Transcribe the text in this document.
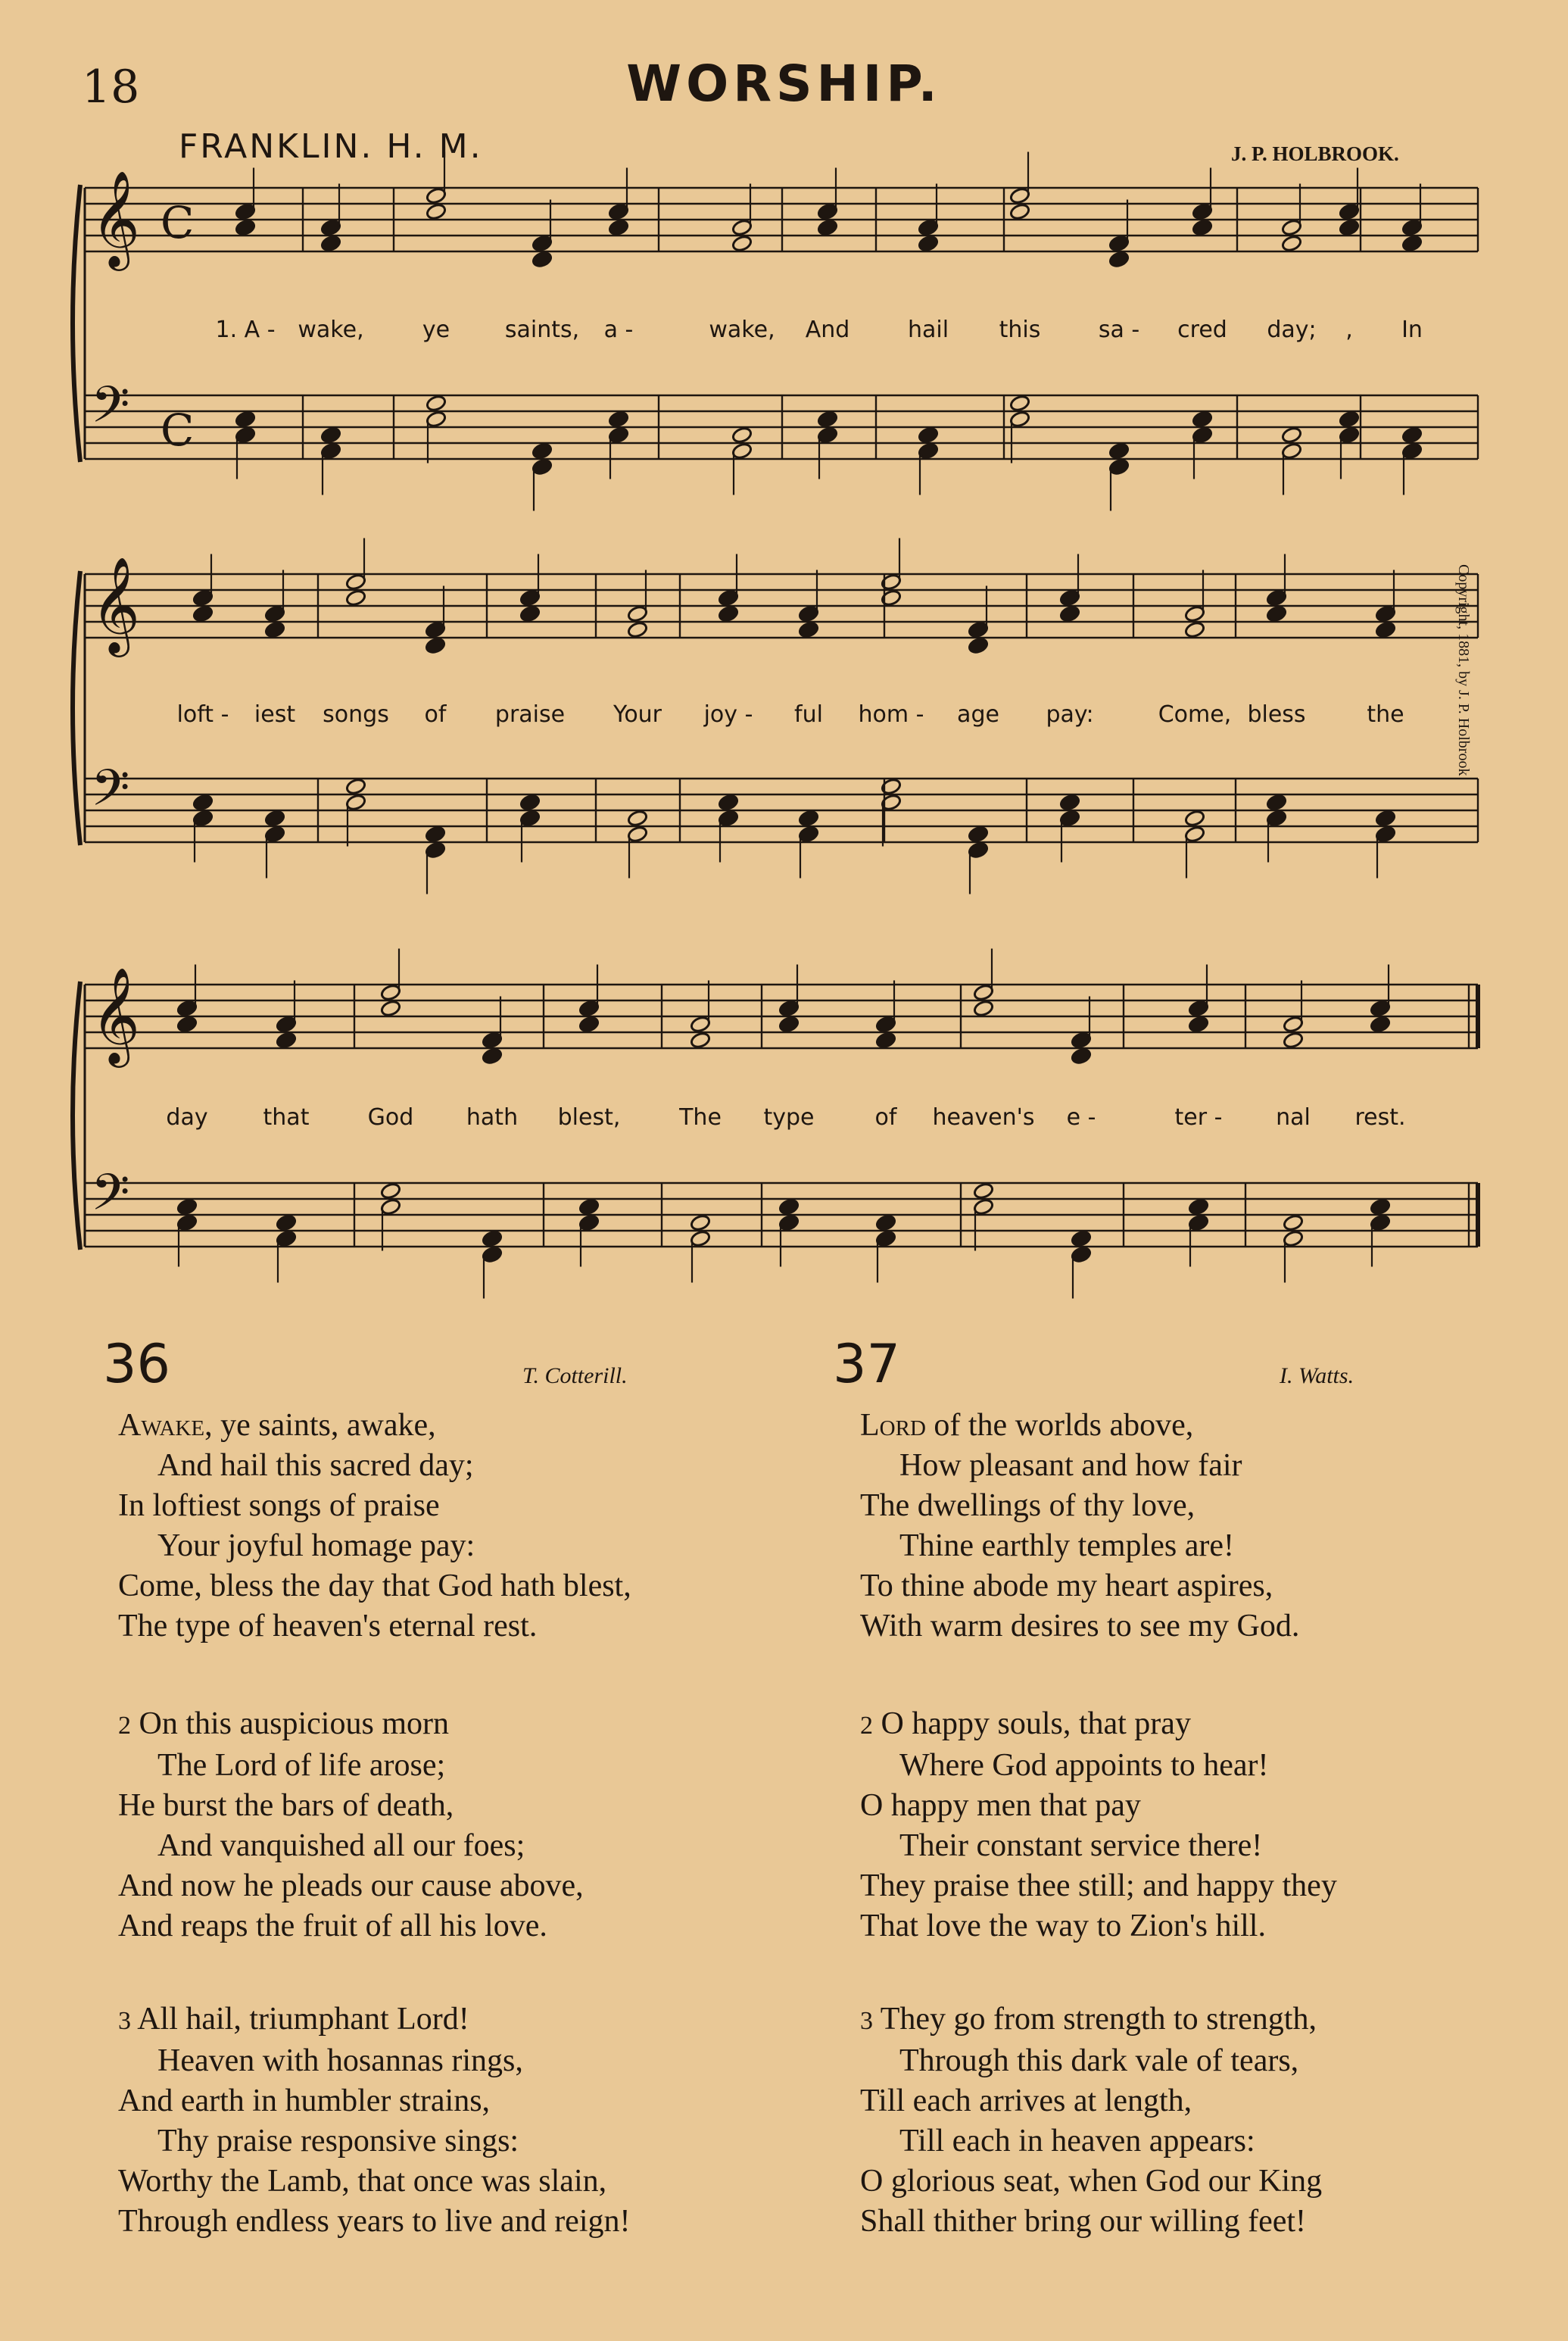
18	WORSHIP.
FRANKLIN. H. M.	J. P. HOLBROOK.
Copyright, 1881, by J. P. Holbrook
𝄞 C
𝄢 C
𝄞
𝄢
𝄞
𝄢
1. A - wake,	ye saints, a -	wake, And	hail this	sa - cred day; , In
loft - iest songs of praise Your joy - ful hom - age pay:	Come, bless	the
day that	God hath blest,	The type	of heaven's e -	ter - nal rest.
36	T. Cotterill.
Awake, ye saints, awake,
And hail this sacred day;
In loftiest songs of praise
Your joyful homage pay:
Come, bless the day that God hath blest,
The type of heaven's eternal rest.
2 On this auspicious morn
The Lord of life arose;
He burst the bars of death,
And vanquished all our foes;
And now he pleads our cause above,
And reaps the fruit of all his love.
3 All hail, triumphant Lord!
Heaven with hosannas rings,
And earth in humbler strains,
Thy praise responsive sings:
Worthy the Lamb, that once was slain,
Through endless years to live and reign!
37	I. Watts.
Lord of the worlds above,
How pleasant and how fair
The dwellings of thy love,
Thine earthly temples are!
To thine abode my heart aspires,
With warm desires to see my God.
2 O happy souls, that pray
Where God appoints to hear!
O happy men that pay
Their constant service there!
They praise thee still; and happy they
That love the way to Zion's hill.
3 They go from strength to strength,
Through this dark vale of tears,
Till each arrives at length,
Till each in heaven appears:
O glorious seat, when God our King
Shall thither bring our willing feet!
